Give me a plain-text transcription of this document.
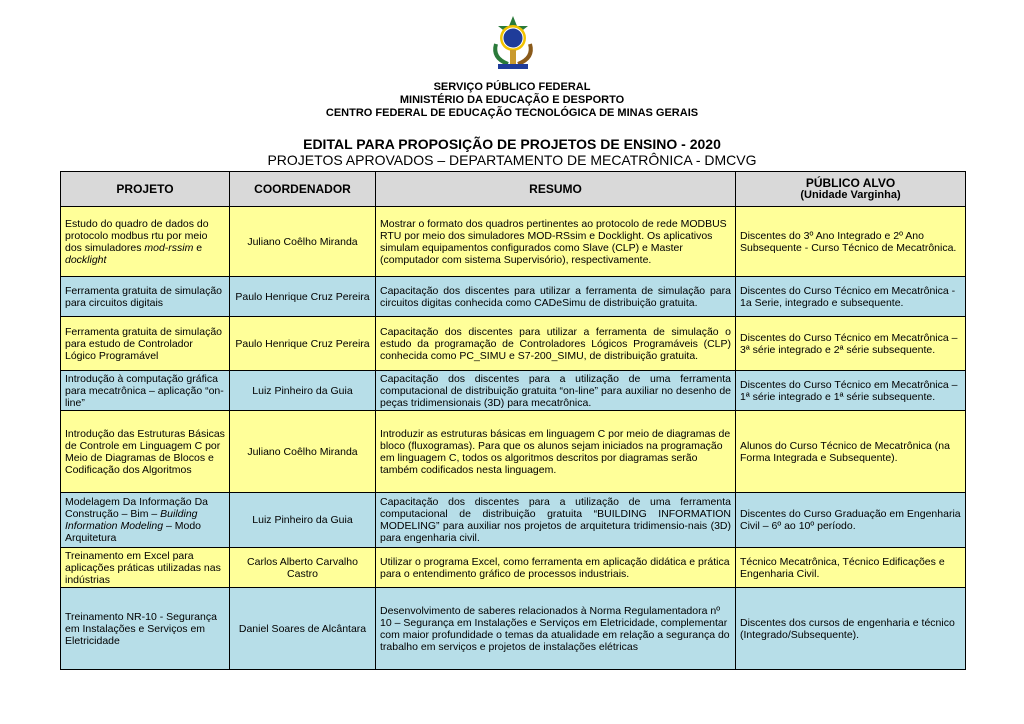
SERVIÇO PÚBLICO FEDERAL
MINISTÉRIO DA EDUCAÇÃO E DESPORTO
CENTRO FEDERAL DE EDUCAÇÃO TECNOLÓGICA DE MINAS GERAIS
EDITAL PARA PROPOSIÇÃO DE PROJETOS DE ENSINO - 2020
PROJETOS APROVADOS – DEPARTAMENTO DE MECATRÔNICA - DMCVG
PROJETO	COORDENADOR	RESUMO	PÚBLICO ALVO
(Unidade Varginha)

Estudo do quadro de dados do protocolo modbus rtu por meio dos simuladores mod-rssim e docklight	Juliano Coêlho Miranda	Mostrar o formato dos quadros pertinentes ao protocolo de rede MODBUS RTU por meio dos simuladores MOD-RSsim e Docklight. Os aplicativos simulam equipamentos configurados como Slave (CLP) e Master (computador com sistema Supervisório), respectivamente.	Discentes do 3º Ano Integrado e 2º Ano Subsequente - Curso Técnico de Mecatrônica.
Ferramenta gratuita de simulação para circuitos digitais	Paulo Henrique Cruz Pereira	Capacitação dos discentes para utilizar a ferramenta de simulação para circuitos digitas conhecida como CADeSimu de distribuição gratuita.	Discentes do Curso Técnico em Mecatrônica - 1a Serie, integrado e subsequente.
Ferramenta gratuita de simulação para estudo de Controlador Lógico Programável	Paulo Henrique Cruz Pereira	Capacitação dos discentes para utilizar a ferramenta de simulação o estudo da programação de Controladores Lógicos Programáveis (CLP) conhecida como PC_SIMU e S7-200_SIMU, de distribuição gratuita.	Discentes do Curso Técnico em Mecatrônica – 3ª série integrado e 2ª série subsequente.
Introdução à computação gráfica para mecatrônica – aplicação “on-line”	Luiz Pinheiro da Guia	Capacitação dos discentes para a utilização de uma ferramenta computacional de distribuição gratuita “on-line” para auxiliar no desenho de peças tridimensionais (3D) para mecatrônica.	Discentes do Curso Técnico em Mecatrônica – 1ª série integrado e 1ª série subsequente.
Introdução das Estruturas Básicas de Controle em Linguagem C por Meio de Diagramas de Blocos e Codificação dos Algoritmos	Juliano Coêlho Miranda	Introduzir as estruturas básicas em linguagem C por meio de diagramas de bloco (fluxogramas). Para que os alunos sejam iniciados na programação em linguagem C, todos os algoritmos descritos por diagramas serão também codificados nesta linguagem.	Alunos do Curso Técnico de Mecatrônica (na Forma Integrada e Subsequente).
Modelagem Da Informação Da Construção – Bim – Building Information Modeling – Modo Arquitetura	Luiz Pinheiro da Guia	Capacitação dos discentes para a utilização de uma ferramenta computacional de distribuição gratuita “BUILDING INFORMATION MODELING” para auxiliar nos projetos de arquitetura tridimensio-nais (3D) para engenharia civil.	Discentes do Curso Graduação em Engenharia Civil – 6º ao 10º período.
Treinamento em Excel para aplicações práticas utilizadas nas indústrias	Carlos Alberto Carvalho Castro	Utilizar o programa Excel, como ferramenta em aplicação didática e prática para o entendimento gráfico de processos industriais.	Técnico Mecatrônica, Técnico Edificações e Engenharia Civil.
Treinamento NR-10 - Segurança em Instalações e Serviços em Eletricidade	Daniel Soares de Alcântara	Desenvolvimento de saberes relacionados à Norma Regulamentadora nº 10 – Segurança em Instalações e Serviços em Eletricidade, complementar com maior profundidade o temas da atualidade em relação a segurança do trabalho em serviços e projetos de instalações elétricas	Discentes dos cursos de engenharia e técnico (Integrado/Subsequente).
